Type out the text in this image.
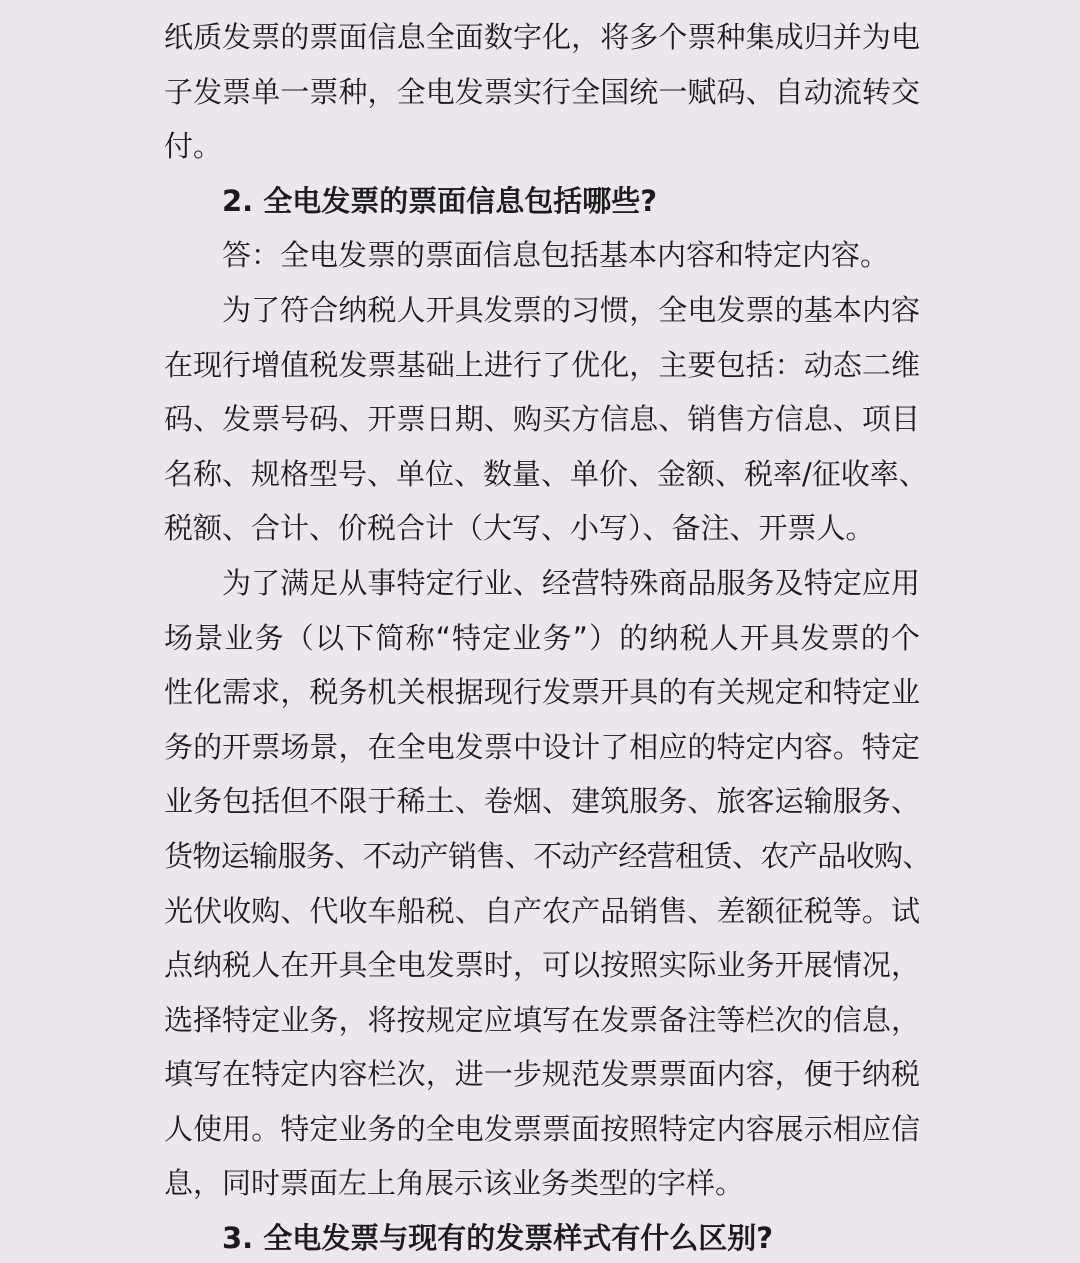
纸质发票的票面信息全面数字化，将多个票种集成归并为电
子发票单一票种，全电发票实行全国统一赋码、自动流转交
付。
2. 全电发票的票面信息包括哪些?
答：全电发票的票面信息包括基本内容和特定内容。
为了符合纳税人开具发票的习惯，全电发票的基本内容
在现行增值税发票基础上进行了优化，主要包括：动态二维
码、发票号码、开票日期、购买方信息、销售方信息、项目
名称、规格型号、单位、数量、单价、金额、税率/征收率、
税额、合计、价税合计（大写、小写）、备注、开票人。
为了满足从事特定行业、经营特殊商品服务及特定应用
场景业务（以下简称“特定业务”）的纳税人开具发票的个
性化需求，税务机关根据现行发票开具的有关规定和特定业
务的开票场景，在全电发票中设计了相应的特定内容。特定
业务包括但不限于稀土、卷烟、建筑服务、旅客运输服务、
货物运输服务、不动产销售、不动产经营租赁、农产品收购、
光伏收购、代收车船税、自产农产品销售、差额征税等。试
点纳税人在开具全电发票时，可以按照实际业务开展情况，
选择特定业务，将按规定应填写在发票备注等栏次的信息，
填写在特定内容栏次，进一步规范发票票面内容，便于纳税
人使用。特定业务的全电发票票面按照特定内容展示相应信
息，同时票面左上角展示该业务类型的字样。
3. 全电发票与现有的发票样式有什么区别?
